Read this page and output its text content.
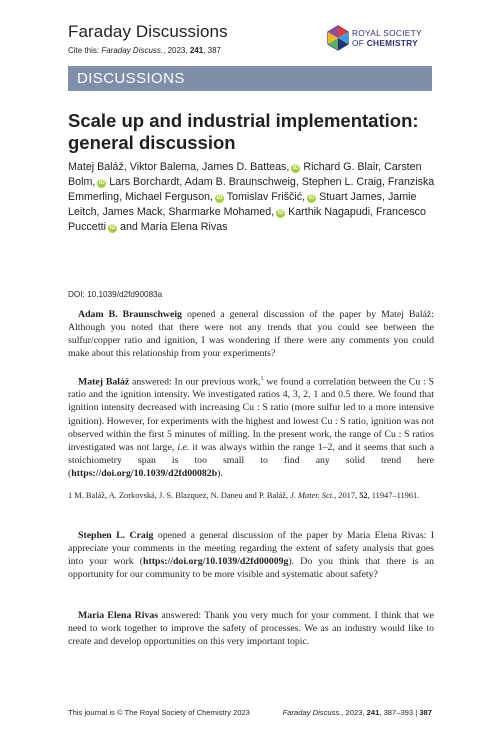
Faraday Discussions
Cite this: Faraday Discuss., 2023, 241, 387
ROYAL SOCIETY
OF CHEMISTRY
DISCUSSIONS
Scale up and industrial implementation:
general discussion
Matej Baláž, Viktor Balema, James D. Batteas, iD Richard G. Blair, Carsten Bolm, iD Lars Borchardt, Adam B. Braunschweig, Stephen L. Craig, Franziska Emmerling, Michael Ferguson, iD Tomislav Friščić, iD Stuart James, Jamie Leitch, James Mack, Sharmarke Mohamed, iD Karthik Nagapudi, Francesco Puccetti iD and Maria Elena Rivas
DOI: 10.1039/d2fd90083a
Adam B. Braunschweig opened a general discussion of the paper by Matej Baláž: Although you noted that there were not any trends that you could see between the sulfur/copper ratio and ignition, I was wondering if there were any comments you could make about this relationship from your experiments?
Matej Baláž answered: In our previous work,$^1$ we found a correlation between the Cu : S ratio and the ignition intensity. We investigated ratios 4, 3, 2, 1 and 0.5 there. We found that ignition intensity decreased with increasing Cu : S ratio (more sulfur led to a more intensive ignition). However, for experiments with the highest and lowest Cu : S ratio, ignition was not observed within the first 5 minutes of milling. In the present work, the range of Cu : S ratios investigated was not large, i.e. it was always within the range 1–2, and it seems that such a stoichiometry span is too small to find any solid trend here (https://doi.org/10.1039/d2fd00082b).
1 M. Baláž, A. Zorkovská, J. S. Blazquez, N. Daneu and P. Baláž, J. Mater. Sci., 2017, 52, 11947–11961.
Stephen L. Craig opened a general discussion of the paper by Maria Elena Rivas: I appreciate your comments in the meeting regarding the extent of safety analysis that goes into your work (https://doi.org/10.1039/d2fd00009g). Do you think that there is an opportunity for our community to be more visible and systematic about safety?
Maria Elena Rivas answered: Thank you very much for your comment. I think that we need to work together to improve the safety of processes. We as an industry would like to create and develop opportunities on this very important topic.
This journal is © The Royal Society of Chemistry 2023	Faraday Discuss., 2023, 241, 387–393 | 387
